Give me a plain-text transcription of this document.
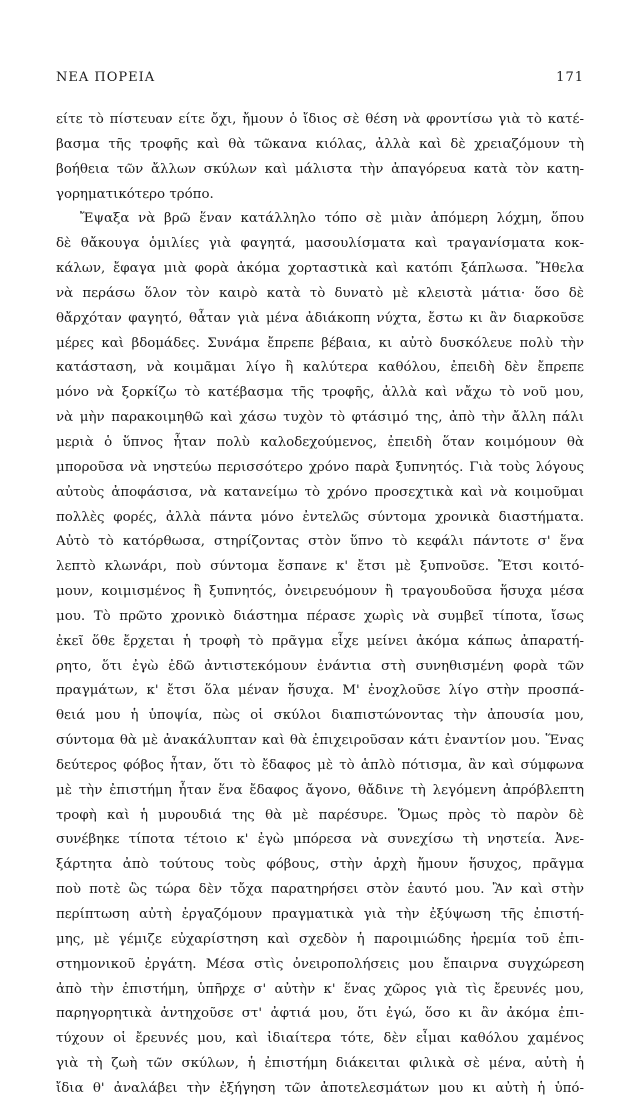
ΝΕΑ ΠΟΡΕΙΑ	171
είτε τὸ πίστευαν είτε ὄχι, ἤμουν ὁ ἴδιος σὲ θέση νὰ φροντίσω γιὰ τὸ κατέ-
βασμα τῆς τροφῆς καὶ θὰ τῶκανα κιόλας, ἀλλὰ καὶ δὲ χρειαζόμουν τὴ
βοήθεια τῶν ἄλλων σκύλων καὶ μάλιστα τὴν ἀπαγόρευα κατὰ τὸν κατη-
γορηματικότερο τρόπο.
Ἔψαξα νὰ βρῶ ἕναν κατάλληλο τόπο σὲ μιὰν ἀπόμερη λόχμη, ὅπου
δὲ θἄκουγα ὁμιλίες γιὰ φαγητά, μασουλίσματα καὶ τραγανίσματα κοκ-
κάλων, ἔφαγα μιὰ φορὰ ἀκόμα χορταστικὰ καὶ κατόπι ξάπλωσα. Ἤθελα
νὰ περάσω ὅλον τὸν καιρὸ κατὰ τὸ δυνατὸ μὲ κλειστὰ μάτια· ὅσο δὲ
θἄρχόταν φαγητό, θἆταν γιὰ μένα ἀδιάκοπη νύχτα, ἔστω κι ἂν διαρκοῦσε
μέρες καὶ βδομάδες. Συνάμα ἔπρεπε βέβαια, κι αὐτὸ δυσκόλευε πολὺ τὴν
κατάσταση, νὰ κοιμᾶμαι λίγο ἢ καλύτερα καθόλου, ἐπειδὴ δὲν ἔπρεπε
μόνο νὰ ξορκίζω τὸ κατέβασμα τῆς τροφῆς, ἀλλὰ καὶ νἄχω τὸ νοῦ μου,
νὰ μὴν παρακοιμηθῶ καὶ χάσω τυχὸν τὸ φτάσιμό της, ἀπὸ τὴν ἄλλη πάλι
μεριὰ ὁ ὕπνος ἦταν πολὺ καλοδεχούμενος, ἐπειδὴ ὅταν κοιμόμουν θὰ
μποροῦσα νὰ νηστεύω περισσότερο χρόνο παρὰ ξυπνητός. Γιὰ τοὺς λόγους
αὐτοὺς ἀποφάσισα, νὰ κατανείμω τὸ χρόνο προσεχτικὰ καὶ νὰ κοιμοῦμαι
πολλὲς φορές, ἀλλὰ πάντα μόνο ἐντελῶς σύντομα χρονικὰ διαστήματα.
Αὐτὸ τὸ κατόρθωσα, στηρίζοντας στὸν ὕπνο τὸ κεφάλι πάντοτε σ' ἕνα
λεπτὸ κλωνάρι, ποὺ σύντομα ἔσπανε κ' ἔτσι μὲ ξυπνοῦσε. Ἔτσι κοιτό-
μουν, κοιμισμένος ἢ ξυπνητός, ὀνειρευόμουν ἢ τραγουδοῦσα ἥσυχα μέσα
μου. Τὸ πρῶτο χρονικὸ διάστημα πέρασε χωρὶς νὰ συμβεῖ τίποτα, ἴσως
ἐκεῖ ὅθε ἔρχεται ἡ τροφὴ τὸ πρᾶγμα εἶχε μείνει ἀκόμα κάπως ἀπαρατή-
ρητο, ὅτι ἐγὼ ἐδῶ ἀντιστεκόμουν ἐνάντια στὴ συνηθισμένη φορὰ τῶν
πραγμάτων, κ' ἔτσι ὅλα μέναν ἥσυχα. Μ' ἐνοχλοῦσε λίγο στὴν προσπά-
θειά μου ἡ ὑποψία, πὼς οἱ σκύλοι διαπιστώνοντας τὴν ἀπουσία μου,
σύντομα θὰ μὲ ἀνακάλυπταν καὶ θὰ ἐπιχειροῦσαν κάτι ἐναντίον μου. Ἕνας
δεύτερος φόβος ἦταν, ὅτι τὸ ἔδαφος μὲ τὸ ἁπλὸ πότισμα, ἂν καὶ σύμφωνα
μὲ τὴν ἐπιστήμη ἦταν ἕνα ἔδαφος ἄγονο, θἄδινε τὴ λεγόμενη ἀπρόβλεπτη
τροφὴ καὶ ἡ μυρουδιά της θὰ μὲ παρέσυρε. Ὅμως πρὸς τὸ παρὸν δὲ
συνέβηκε τίποτα τέτοιο κ' ἐγὼ μπόρεσα νὰ συνεχίσω τὴ νηστεία. Ἀνε-
ξάρτητα ἀπὸ τούτους τοὺς φόβους, στὴν ἀρχὴ ἤμουν ἥσυχος, πρᾶγμα
ποὺ ποτὲ ὣς τώρα δὲν τὄχα παρατηρήσει στὸν ἑαυτό μου. Ἂν καὶ στὴν
περίπτωση αὐτὴ ἐργαζόμουν πραγματικὰ γιὰ τὴν ἐξύψωση τῆς ἐπιστή-
μης, μὲ γέμιζε εὐχαρίστηση καὶ σχεδὸν ἡ παροιμιώδης ἠρεμία τοῦ ἐπι-
στημονικοῦ ἐργάτη. Μέσα στὶς ὀνειροπολήσεις μου ἔπαιρνα συγχώρεση
ἀπὸ τὴν ἐπιστήμη, ὑπῆρχε σ' αὐτὴν κ' ἕνας χῶρος γιὰ τὶς ἔρευνές μου,
παρηγορητικὰ ἀντηχοῦσε στ' ἀφτιά μου, ὅτι ἐγώ, ὅσο κι ἂν ἀκόμα ἐπι-
τύχουν οἱ ἔρευνές μου, καὶ ἰδιαίτερα τότε, δὲν εἶμαι καθόλου χαμένος
γιὰ τὴ ζωὴ τῶν σκύλων, ἡ ἐπιστήμη διάκειται φιλικὰ σὲ μένα, αὐτὴ ἡ
ἴδια θ' ἀναλάβει τὴν ἐξήγηση τῶν ἀποτελεσμάτων μου κι αὐτὴ ἡ ὑπό-
